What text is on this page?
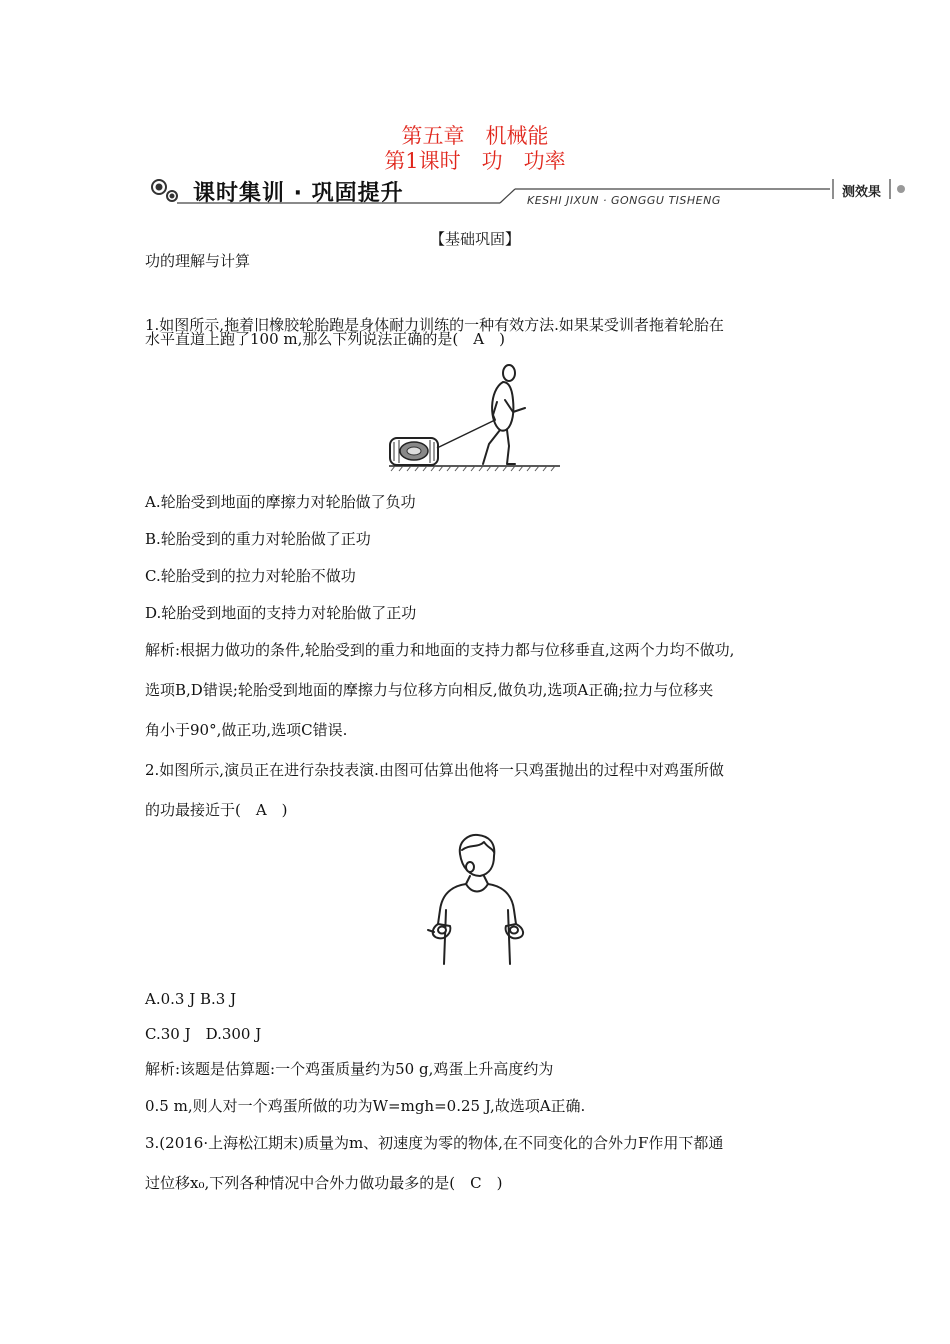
第五章　机械能
第1课时　功　功率
课时集训 · 巩固提升	KESHI JIXUN · GONGGU TISHENG
测效果
【基础巩固】
功的理解与计算
1.如图所示,拖着旧橡胶轮胎跑是身体耐力训练的一种有效方法.如果某受训者拖着轮胎在
水平直道上跑了100 m,那么下列说法正确的是(　A　)
A.轮胎受到地面的摩擦力对轮胎做了负功
B.轮胎受到的重力对轮胎做了正功
C.轮胎受到的拉力对轮胎不做功
D.轮胎受到地面的支持力对轮胎做了正功
解析:根据力做功的条件,轮胎受到的重力和地面的支持力都与位移垂直,这两个力均不做功,
选项B,D错误;轮胎受到地面的摩擦力与位移方向相反,做负功,选项A正确;拉力与位移夹
角小于90°,做正功,选项C错误.
2.如图所示,演员正在进行杂技表演.由图可估算出他将一只鸡蛋抛出的过程中对鸡蛋所做
的功最接近于(　A　)
A.0.3 J B.3 J
C.30 J　D.300 J
解析:该题是估算题:一个鸡蛋质量约为50 g,鸡蛋上升高度约为
0.5 m,则人对一个鸡蛋所做的功为W=mgh=0.25 J,故选项A正确.
3.(2016·上海松江期末)质量为m、初速度为零的物体,在不同变化的合外力F作用下都通
过位移x₀,下列各种情况中合外力做功最多的是(　C　)
